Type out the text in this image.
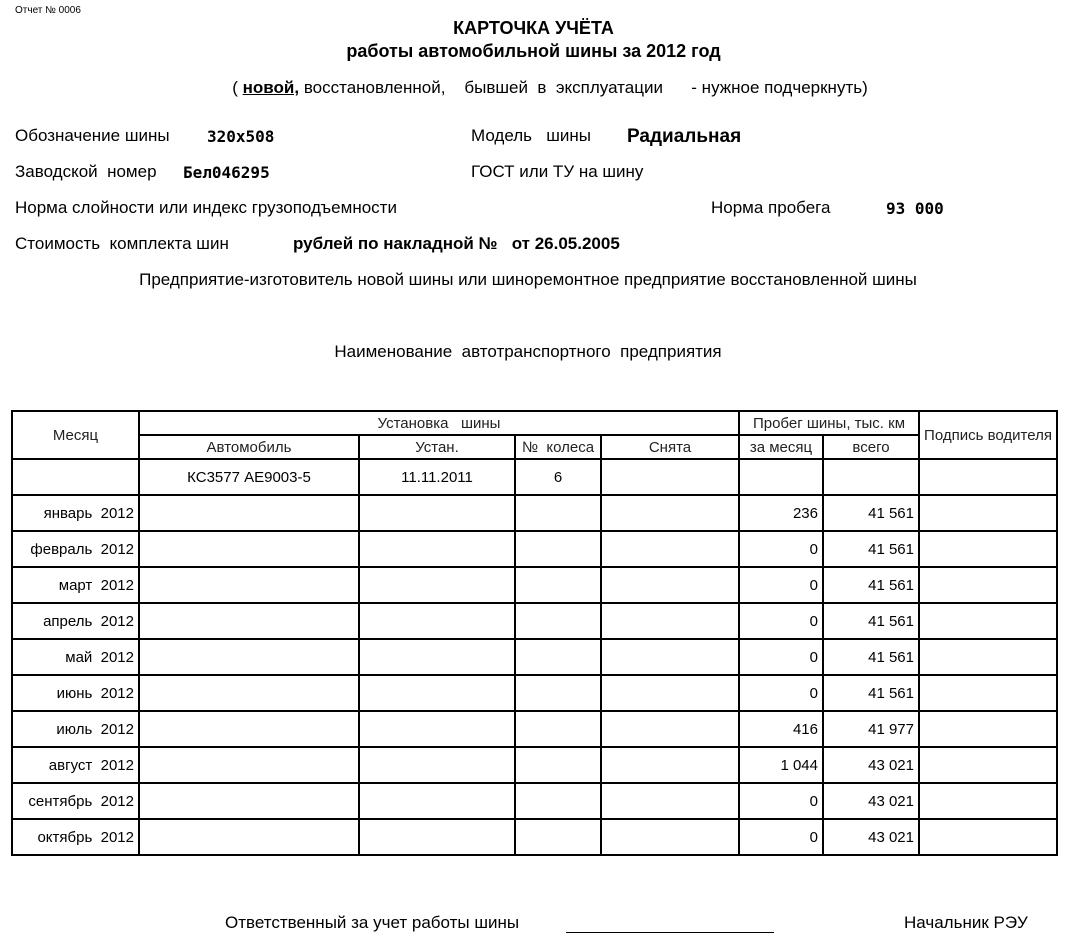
Отчет № 0006
КАРТОЧКА УЧЁТА
работы автомобильной шины за 2012 год
( новой, восстановленной,    бывшей  в  эксплуатации      - нужное подчеркнуть)
Обозначение шины 320x508	Модель   шины Радиальная
Заводской  номер Бел046295	ГОСТ или ТУ на шину
Норма слойности или индекс грузоподъемности	Норма пробега	93 000
Стоимость  комплекта шин	рублей по накладной №   от 26.05.2005
Предприятие-изготовитель новой шины или шиноремонтное предприятие восстановленной шины
Наименование  автотранспортного  предприятия
Месяц	Установка   шины				Пробег шины, тыс. км		Подпись водителя
	Автомобиль	Устан.	№  колеса	Снята	за месяц	всего	
	КС3577 АЕ9003-5	11.11.2011	6				
январь  2012					236	41 561	
февраль  2012					0	41 561	
март  2012					0	41 561	
апрель  2012					0	41 561	
май  2012					0	41 561	
июнь  2012					0	41 561	
июль  2012					416	41 977	
август  2012					1 044	43 021	
сентябрь  2012					0	43 021	
октябрь  2012					0	43 021	
Ответственный за учет работы шины	Начальник РЭУ
